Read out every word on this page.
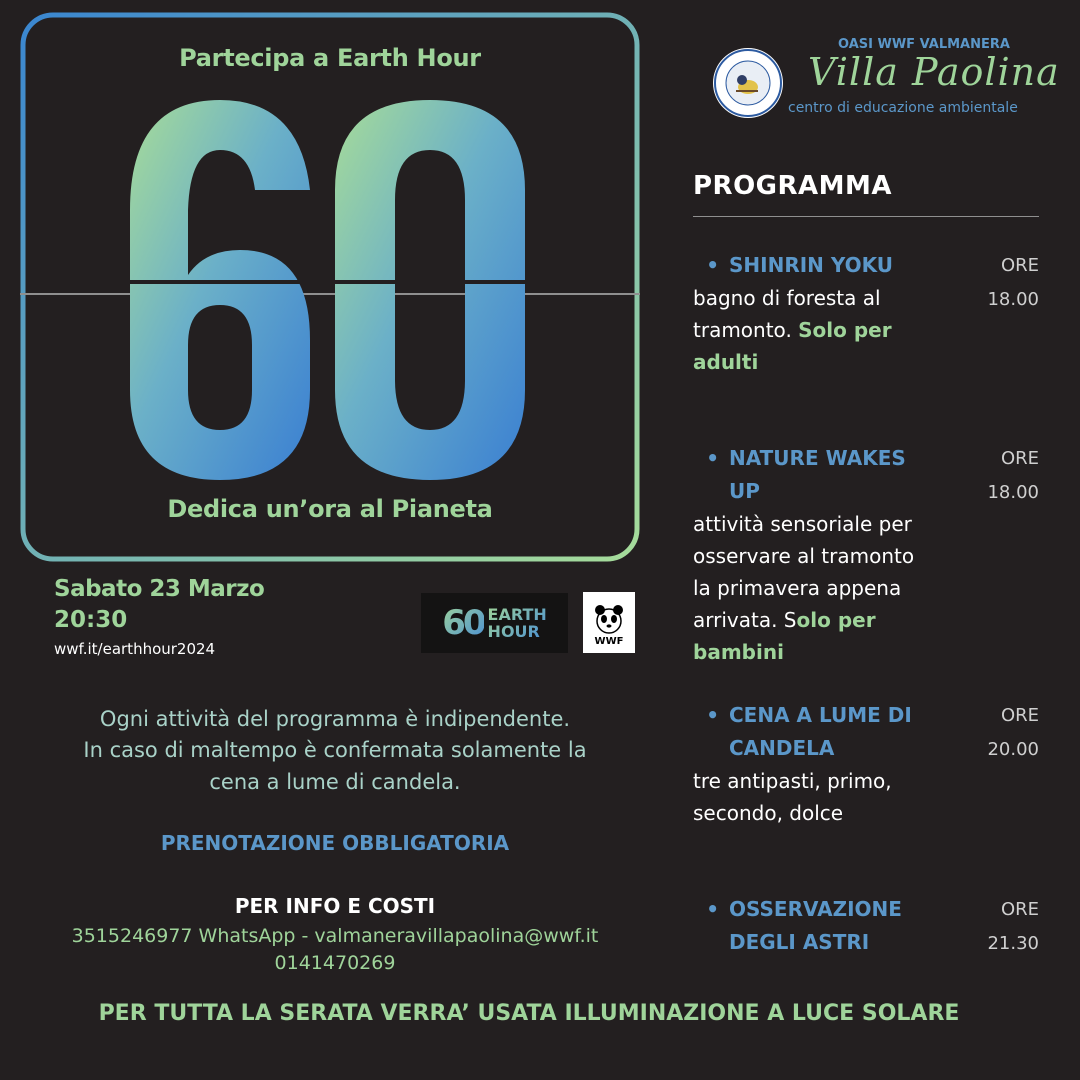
Partecipa a Earth Hour
Dedica un’ora al Pianeta
Sabato 23 Marzo
20:30
wwf.it/earthhour2024
60 EARTH
HOUR
WWF
Ogni attività del programma è indipendente.
In caso di maltempo è confermata solamente la
cena a lume di candela.
PRENOTAZIONE OBBLIGATORIA
PER INFO E COSTI
3515246977 WhatsApp - valmaneravillapaolina@wwf.it
0141470269
PER TUTTA LA SERATA VERRA’ USATA ILLUMINAZIONE A LUCE SOLARE
OASI WWF VALMANERA
Villa Paolina
centro di educazione ambientale
PROGRAMMA
• SHINRIN YOKU
bagno di foresta al tramonto. Solo per adulti
ORE
18.00
• NATURE WAKES UP
attività sensoriale per osservare al tramonto la primavera appena arrivata. Solo per bambini
ORE
18.00
• CENA A LUME DI CANDELA
tre antipasti, primo, secondo, dolce
ORE
20.00
• OSSERVAZIONE DEGLI ASTRI
ORE
21.30
